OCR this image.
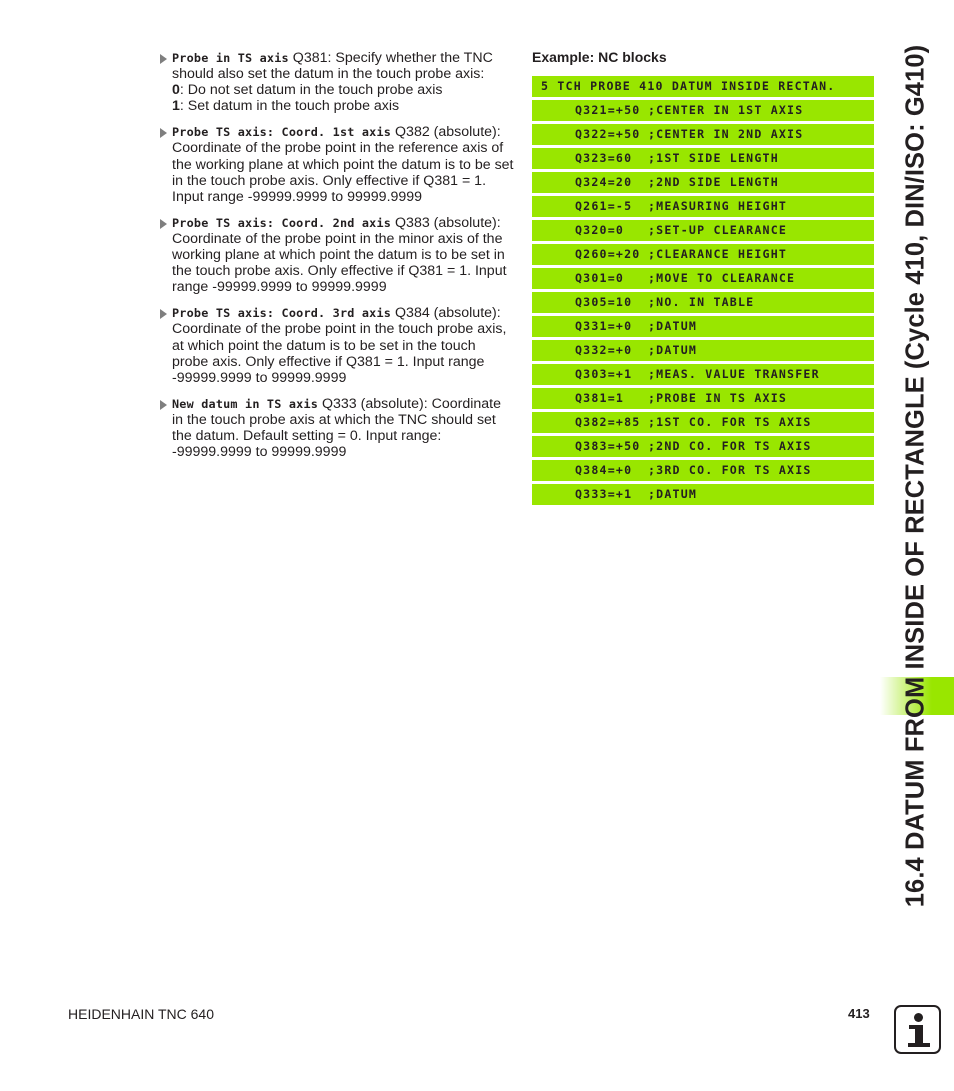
Probe in TS axis Q381: Specify whether the TNC should also set the datum in the touch probe axis:
0: Do not set datum in the touch probe axis
1: Set datum in the touch probe axis
Probe TS axis: Coord. 1st axis Q382 (absolute): Coordinate of the probe point in the reference axis of the working plane at which point the datum is to be set in the touch probe axis. Only effective if Q381 = 1. Input range -99999.9999 to 99999.9999
Probe TS axis: Coord. 2nd axis Q383 (absolute): Coordinate of the probe point in the minor axis of the working plane at which point the datum is to be set in the touch probe axis. Only effective if Q381 = 1. Input range -99999.9999 to 99999.9999
Probe TS axis: Coord. 3rd axis Q384 (absolute): Coordinate of the probe point in the touch probe axis, at which point the datum is to be set in the touch probe axis. Only effective if Q381 = 1. Input range -99999.9999 to 99999.9999
New datum in TS axis Q333 (absolute): Coordinate in the touch probe axis at which the TNC should set the datum. Default setting = 0. Input range: -99999.9999 to 99999.9999
Example: NC blocks
5 TCH PROBE 410 DATUM INSIDE RECTAN.
Q321=+50 ;CENTER IN 1ST AXIS
Q322=+50 ;CENTER IN 2ND AXIS
Q323=60 ;1ST SIDE LENGTH
Q324=20 ;2ND SIDE LENGTH
Q261=-5 ;MEASURING HEIGHT
Q320=0 ;SET-UP CLEARANCE
Q260=+20 ;CLEARANCE HEIGHT
Q301=0 ;MOVE TO CLEARANCE
Q305=10 ;NO. IN TABLE
Q331=+0 ;DATUM
Q332=+0 ;DATUM
Q303=+1 ;MEAS. VALUE TRANSFER
Q381=1 ;PROBE IN TS AXIS
Q382=+85 ;1ST CO. FOR TS AXIS
Q383=+50 ;2ND CO. FOR TS AXIS
Q384=+0 ;3RD CO. FOR TS AXIS
Q333=+1 ;DATUM	16.4 DATUM FROM INSIDE OF RECTANGLE (Cycle 410, DIN/ISO: G410)
HEIDENHAIN TNC 640	413
